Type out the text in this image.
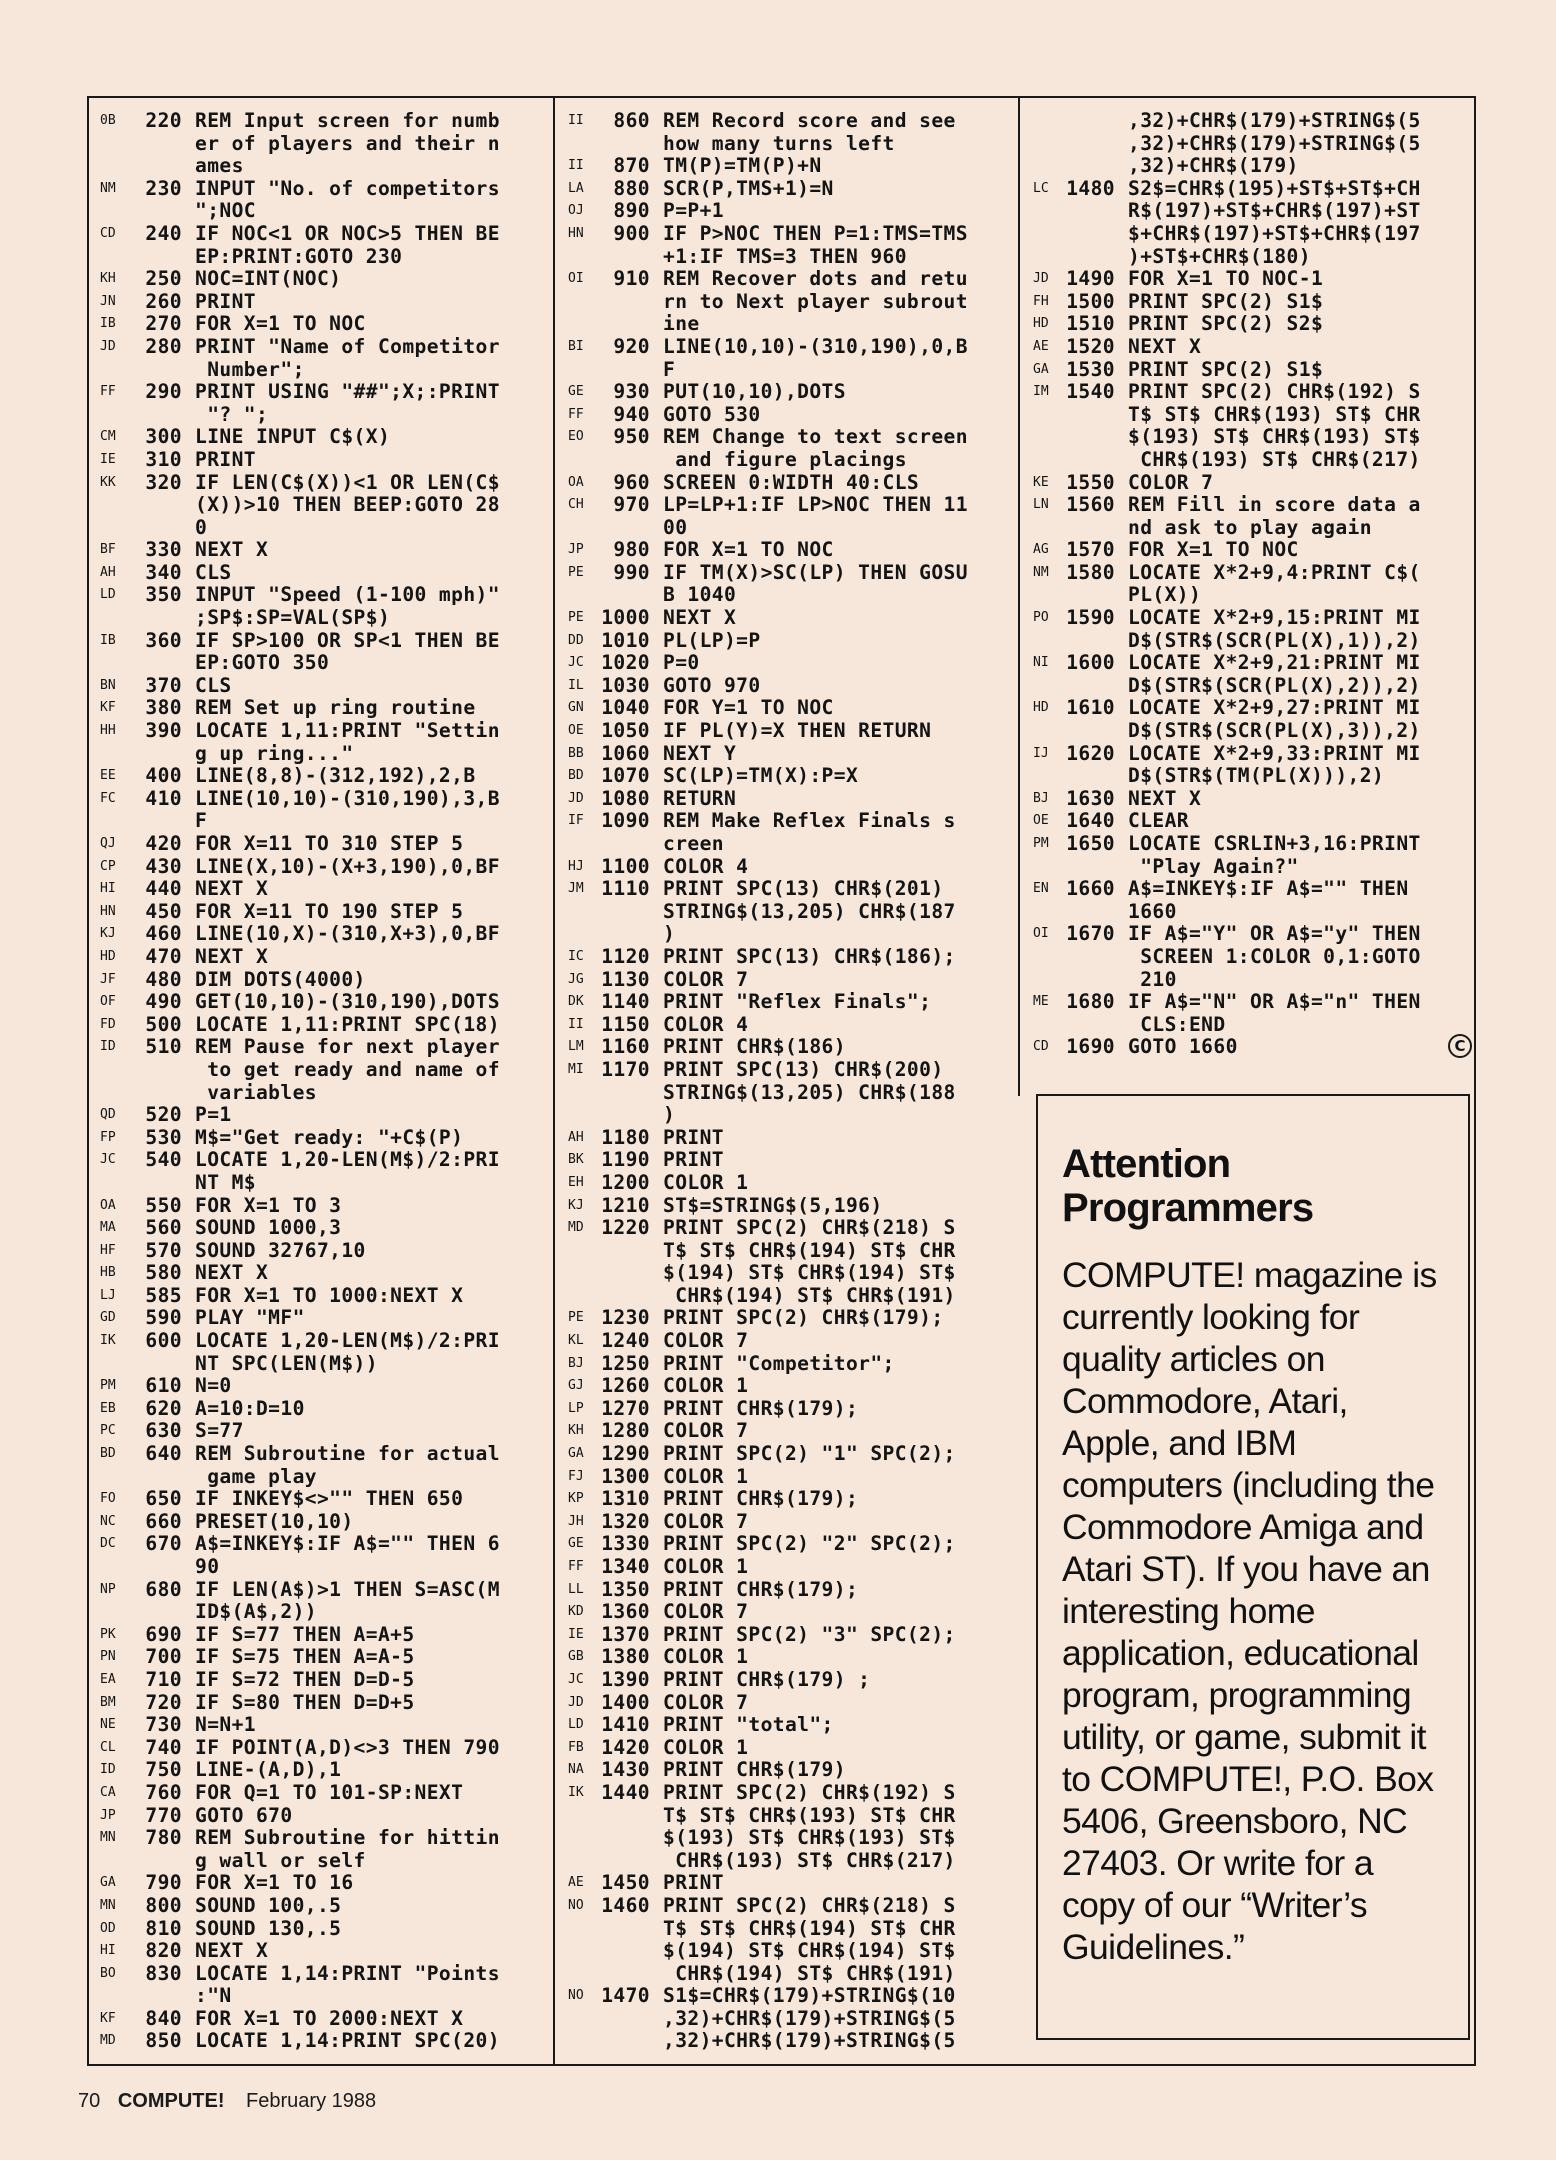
0B	220 REM Input screen for numb
er of players and their n
ames
NM	230 INPUT "No. of competitors
";NOC
CD	240 IF NOC<1 OR NOC>5 THEN BE
EP:PRINT:GOTO 230
KH	250 NOC=INT(NOC)
JN	260 PRINT
IB	270 FOR X=1 TO NOC
JD	280 PRINT "Name of Competitor
Number";
FF	290 PRINT USING "##";X;:PRINT
"? ";
CM	300 LINE INPUT C$(X)
IE	310 PRINT
KK	320 IF LEN(C$(X))<1 OR LEN(C$
(X))>10 THEN BEEP:GOTO 28
0
BF	330 NEXT X
AH	340 CLS
LD	350 INPUT "Speed (1-100 mph)"
;SP$:SP=VAL(SP$)
IB	360 IF SP>100 OR SP<1 THEN BE
EP:GOTO 350
BN	370 CLS
KF	380 REM Set up ring routine
HH	390 LOCATE 1,11:PRINT "Settin
g up ring..."
EE	400 LINE(8,8)-(312,192),2,B
FC	410 LINE(10,10)-(310,190),3,B
F
QJ	420 FOR X=11 TO 310 STEP 5
CP	430 LINE(X,10)-(X+3,190),0,BF
HI	440 NEXT X
HN	450 FOR X=11 TO 190 STEP 5
KJ	460 LINE(10,X)-(310,X+3),0,BF
HD	470 NEXT X
JF	480 DIM DOTS(4000)
OF	490 GET(10,10)-(310,190),DOTS
FD	500 LOCATE 1,11:PRINT SPC(18)
ID	510 REM Pause for next player
to get ready and name of
variables
QD	520 P=1
FP	530 M$="Get ready: "+C$(P)
JC	540 LOCATE 1,20-LEN(M$)/2:PRI
NT M$
OA	550 FOR X=1 TO 3
MA	560 SOUND 1000,3
HF	570 SOUND 32767,10
HB	580 NEXT X
LJ	585 FOR X=1 TO 1000:NEXT X
GD	590 PLAY "MF"
IK	600 LOCATE 1,20-LEN(M$)/2:PRI
NT SPC(LEN(M$))
PM	610 N=0
EB	620 A=10:D=10
PC	630 S=77
BD	640 REM Subroutine for actual
game play
FO	650 IF INKEY$<>"" THEN 650
NC	660 PRESET(10,10)
DC	670 A$=INKEY$:IF A$="" THEN 6
90
NP	680 IF LEN(A$)>1 THEN S=ASC(M
ID$(A$,2))
PK	690 IF S=77 THEN A=A+5
PN	700 IF S=75 THEN A=A-5
EA	710 IF S=72 THEN D=D-5
BM	720 IF S=80 THEN D=D+5
NE	730 N=N+1
CL	740 IF POINT(A,D)<>3 THEN 790
ID	750 LINE-(A,D),1
CA	760 FOR Q=1 TO 101-SP:NEXT
JP	770 GOTO 670
MN	780 REM Subroutine for hittin
g wall or self
GA	790 FOR X=1 TO 16
MN	800 SOUND 100,.5
OD	810 SOUND 130,.5
HI	820 NEXT X
BO	830 LOCATE 1,14:PRINT "Points
:"N
KF	840 FOR X=1 TO 2000:NEXT X
MD	850 LOCATE 1,14:PRINT SPC(20)
II	860 REM Record score and see
how many turns left
II	870 TM(P)=TM(P)+N
LA	880 SCR(P,TMS+1)=N
OJ	890 P=P+1
HN	900 IF P>NOC THEN P=1:TMS=TMS
+1:IF TMS=3 THEN 960
OI	910 REM Recover dots and retu
rn to Next player subrout
ine
BI	920 LINE(10,10)-(310,190),0,B
F
GE	930 PUT(10,10),DOTS
FF	940 GOTO 530
EO	950 REM Change to text screen
and figure placings
OA	960 SCREEN 0:WIDTH 40:CLS
CH	970 LP=LP+1:IF LP>NOC THEN 11
00
JP	980 FOR X=1 TO NOC
PE	990 IF TM(X)>SC(LP) THEN GOSU
B 1040
PE 1000 NEXT X
DD 1010 PL(LP)=P
JC 1020 P=0
IL 1030 GOTO 970
GN 1040 FOR Y=1 TO NOC
OE 1050 IF PL(Y)=X THEN RETURN
BB 1060 NEXT Y
BD 1070 SC(LP)=TM(X):P=X
JD 1080 RETURN
IF 1090 REM Make Reflex Finals s
creen
HJ 1100 COLOR 4
JM 1110 PRINT SPC(13) CHR$(201)
STRING$(13,205) CHR$(187
)
IC 1120 PRINT SPC(13) CHR$(186);
JG 1130 COLOR 7
DK 1140 PRINT "Reflex Finals";
II 1150 COLOR 4
LM 1160 PRINT CHR$(186)
MI 1170 PRINT SPC(13) CHR$(200)
STRING$(13,205) CHR$(188
)
AH 1180 PRINT
BK 1190 PRINT
EH 1200 COLOR 1
KJ 1210 ST$=STRING$(5,196)
MD 1220 PRINT SPC(2) CHR$(218) S
T$ ST$ CHR$(194) ST$ CHR
$(194) ST$ CHR$(194) ST$
CHR$(194) ST$ CHR$(191)
PE 1230 PRINT SPC(2) CHR$(179);
KL 1240 COLOR 7
BJ 1250 PRINT "Competitor";
GJ 1260 COLOR 1
LP 1270 PRINT CHR$(179);
KH 1280 COLOR 7
GA 1290 PRINT SPC(2) "1" SPC(2);
FJ 1300 COLOR 1
KP 1310 PRINT CHR$(179);
JH 1320 COLOR 7
GE 1330 PRINT SPC(2) "2" SPC(2);
FF 1340 COLOR 1
LL 1350 PRINT CHR$(179);
KD 1360 COLOR 7
IE 1370 PRINT SPC(2) "3" SPC(2);
GB 1380 COLOR 1
JC 1390 PRINT CHR$(179) ;
JD 1400 COLOR 7
LD 1410 PRINT "total";
FB 1420 COLOR 1
NA 1430 PRINT CHR$(179)
IK 1440 PRINT SPC(2) CHR$(192) S
T$ ST$ CHR$(193) ST$ CHR
$(193) ST$ CHR$(193) ST$
CHR$(193) ST$ CHR$(217)
AE 1450 PRINT
NO 1460 PRINT SPC(2) CHR$(218) S
T$ ST$ CHR$(194) ST$ CHR
$(194) ST$ CHR$(194) ST$
CHR$(194) ST$ CHR$(191)
NO 1470 S1$=CHR$(179)+STRING$(10
,32)+CHR$(179)+STRING$(5
,32)+CHR$(179)+STRING$(5
,32)+CHR$(179)+STRING$(5
,32)+CHR$(179)+STRING$(5
,32)+CHR$(179)
LC 1480 S2$=CHR$(195)+ST$+ST$+CH
R$(197)+ST$+CHR$(197)+ST
$+CHR$(197)+ST$+CHR$(197
)+ST$+CHR$(180)
JD 1490 FOR X=1 TO NOC-1
FH 1500 PRINT SPC(2) S1$
HD 1510 PRINT SPC(2) S2$
AE 1520 NEXT X
GA 1530 PRINT SPC(2) S1$
IM 1540 PRINT SPC(2) CHR$(192) S
T$ ST$ CHR$(193) ST$ CHR
$(193) ST$ CHR$(193) ST$
CHR$(193) ST$ CHR$(217)
KE 1550 COLOR 7
LN 1560 REM Fill in score data a
nd ask to play again
AG 1570 FOR X=1 TO NOC
NM 1580 LOCATE X*2+9,4:PRINT C$(
PL(X))
PO 1590 LOCATE X*2+9,15:PRINT MI
D$(STR$(SCR(PL(X),1)),2)
NI 1600 LOCATE X*2+9,21:PRINT MI
D$(STR$(SCR(PL(X),2)),2)
HD 1610 LOCATE X*2+9,27:PRINT MI
D$(STR$(SCR(PL(X),3)),2)
IJ 1620 LOCATE X*2+9,33:PRINT MI
D$(STR$(TM(PL(X))),2)
BJ 1630 NEXT X
OE 1640 CLEAR
PM 1650 LOCATE CSRLIN+3,16:PRINT
"Play Again?"
EN 1660 A$=INKEY$:IF A$="" THEN
1660
OI 1670 IF A$="Y" OR A$="y" THEN
SCREEN 1:COLOR 0,1:GOTO
210
ME 1680 IF A$="N" OR A$="n" THEN
CLS:END
CD 1690 GOTO 1660	C
Attention
Programmers

COMPUTE! magazine is currently looking for quality articles on Commodore, Atari, Apple, and IBM computers (including the Commodore Amiga and Atari ST). If you have an interesting home application, educational program, programming utility, or game, submit it to COMPUTE!, P.O. Box 5406, Greensboro, NC 27403. Or write for a copy of our “Writer’s Guidelines.”

70 COMPUTE! February 1988
